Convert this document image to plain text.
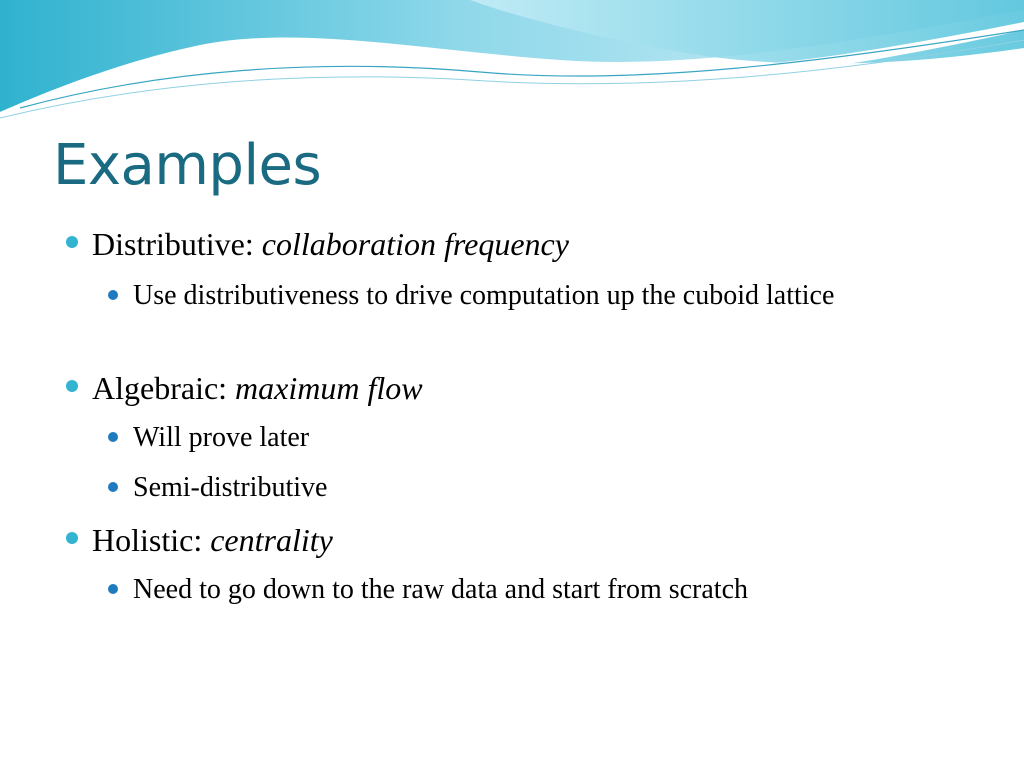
Examples
Distributive: collaboration frequency
Use distributiveness to drive computation up the cuboid lattice
Algebraic: maximum flow
Will prove later
Semi-distributive
Holistic: centrality
Need to go down to the raw data and start from scratch
